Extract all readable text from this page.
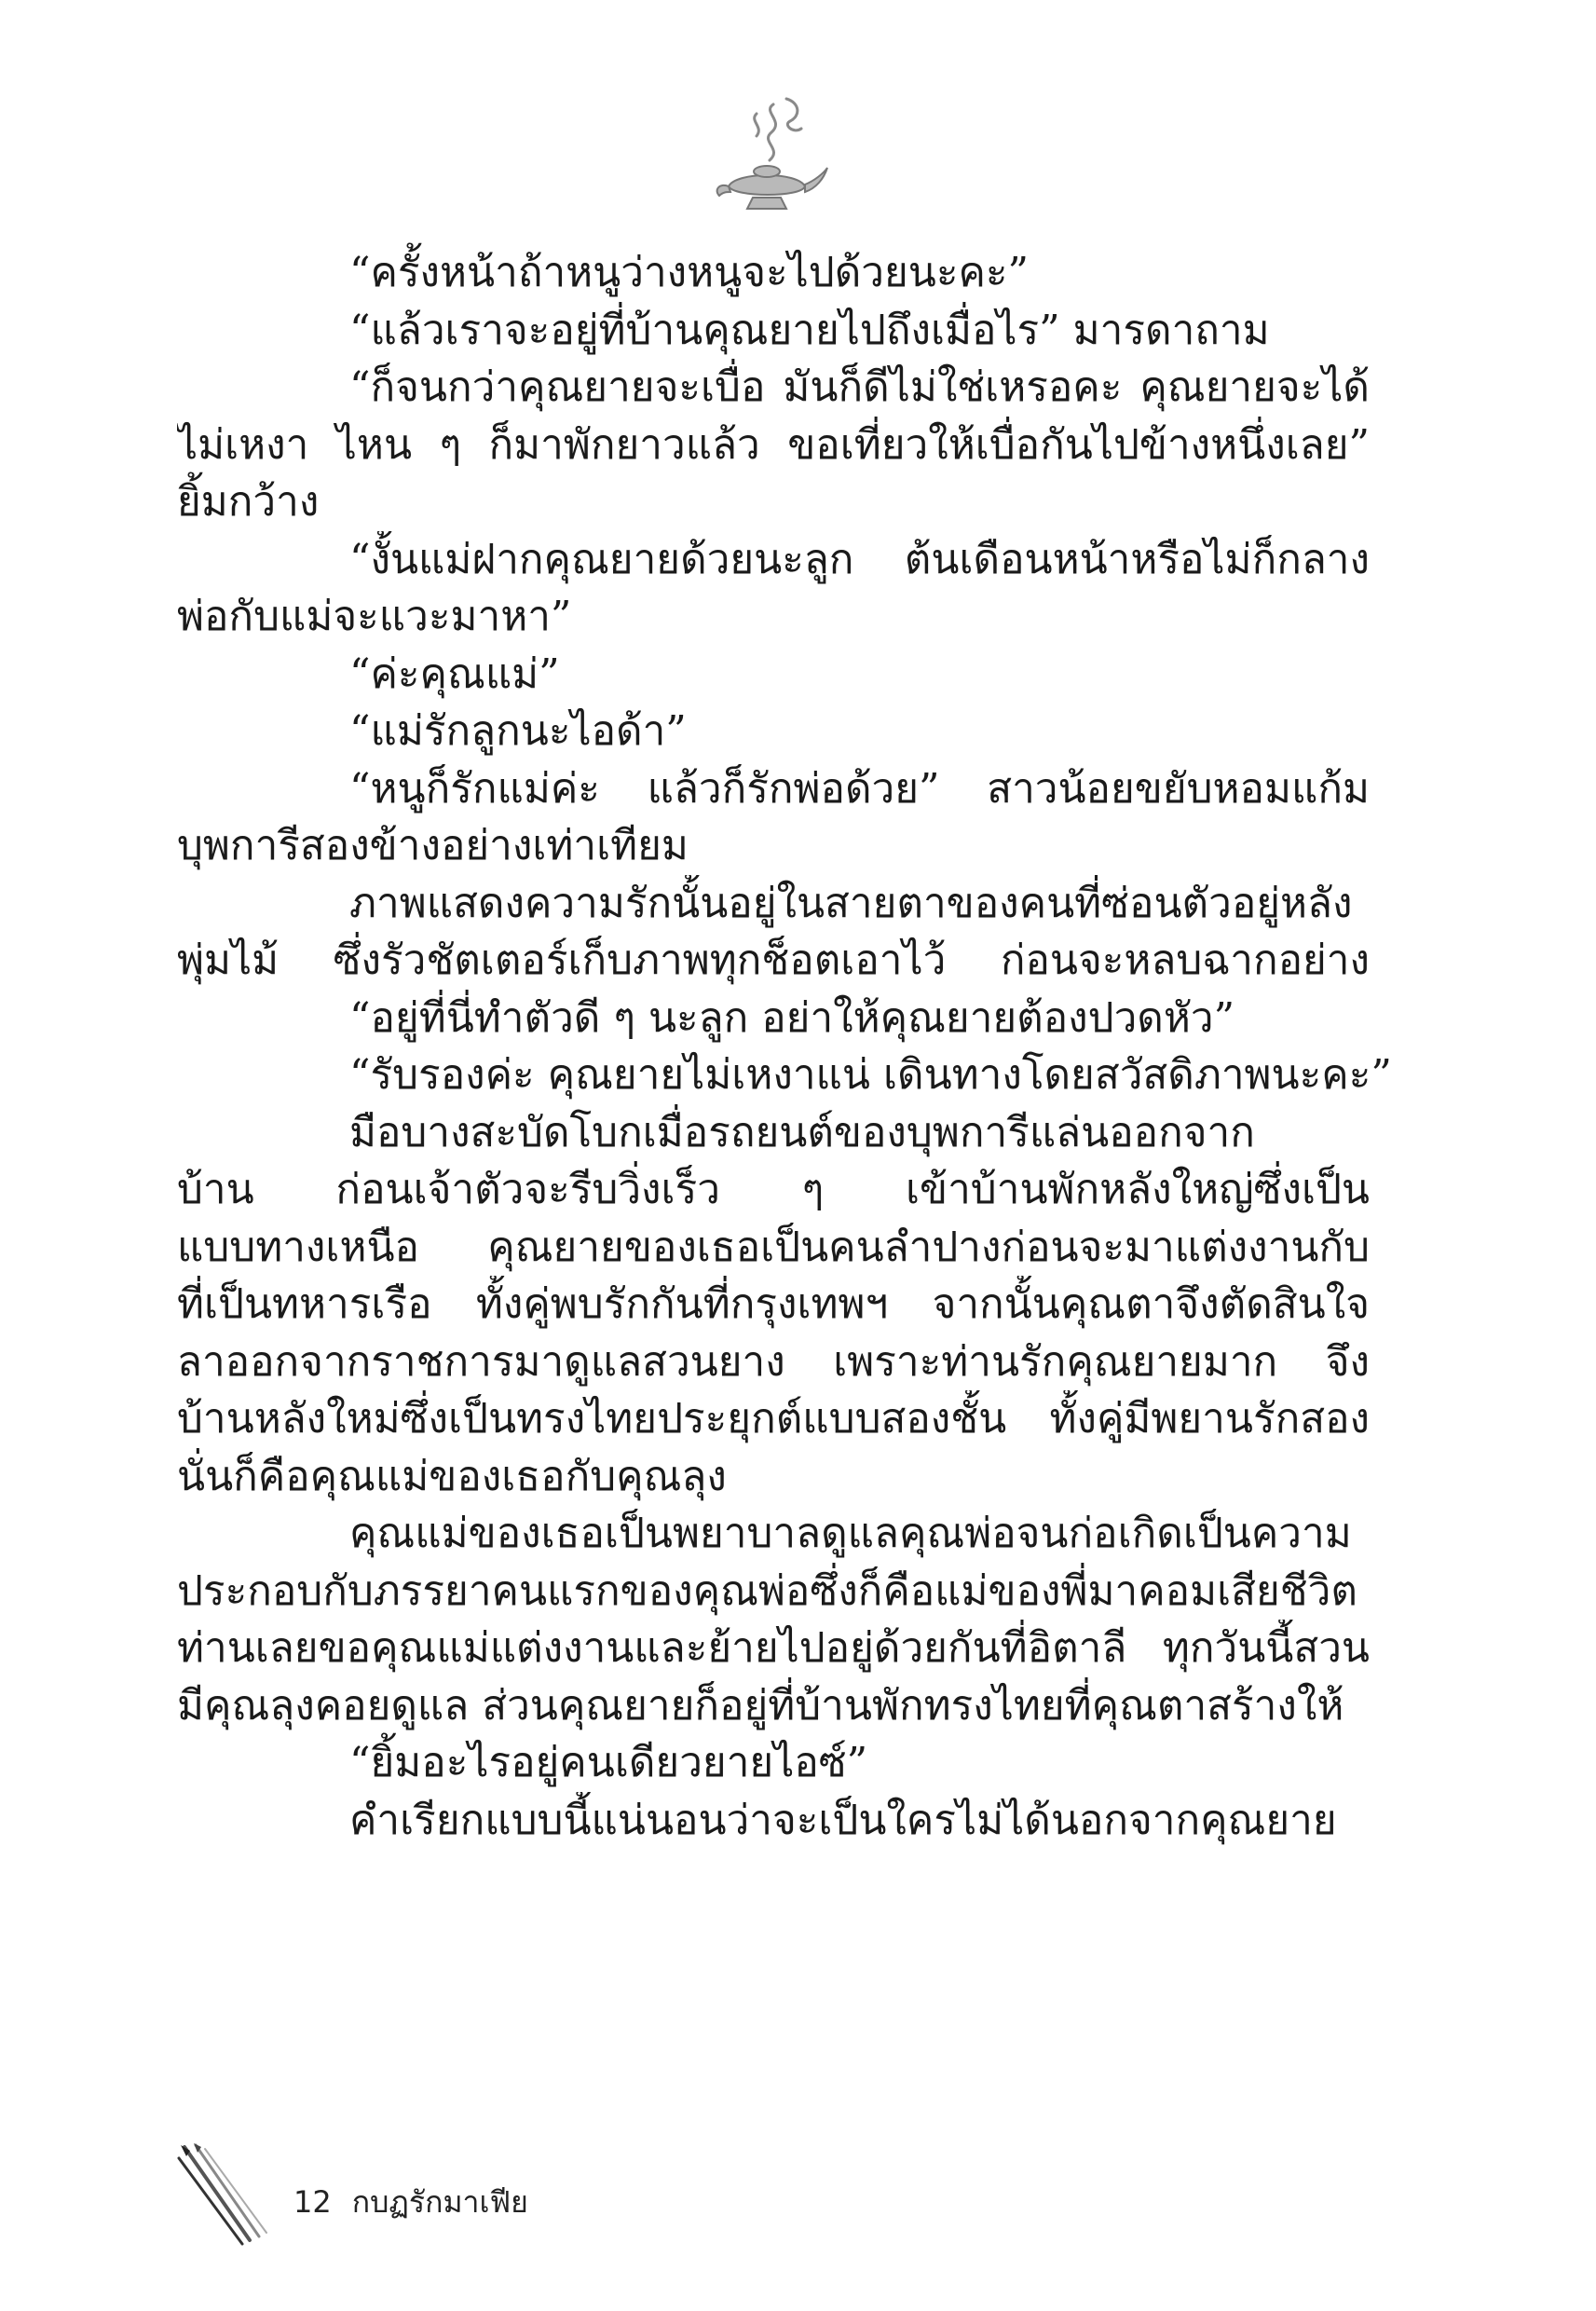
“ครั้งหน้าถ้าหนูว่างหนูจะไปด้วยนะคะ”
“แล้วเราจะอยู่ที่บ้านคุณยายไปถึงเมื่อไร” มารดาถาม
“ก็จนกว่าคุณยายจะเบื่อ มันก็ดีไม่ใช่เหรอคะ คุณยายจะได้
ไม่เหงา ไหน ๆ ก็มาพักยาวแล้ว ขอเที่ยวให้เบื่อกันไปข้างหนึ่งเลย”
ยิ้มกว้าง
“งั้นแม่ฝากคุณยายด้วยนะลูก ต้นเดือนหน้าหรือไม่ก็กลาง
พ่อกับแม่จะแวะมาหา”
“ค่ะคุณแม่”
“แม่รักลูกนะไอด้า”
“หนูก็รักแม่ค่ะ แล้วก็รักพ่อด้วย” สาวน้อยขยับหอมแก้ม
บุพการีสองข้างอย่างเท่าเทียม
ภาพแสดงความรักนั้นอยู่ในสายตาของคนที่ซ่อนตัวอยู่หลัง
พุ่มไม้ ซึ่งรัวชัตเตอร์เก็บภาพทุกช็อตเอาไว้ ก่อนจะหลบฉากอย่าง
“อยู่ที่นี่ทำตัวดี ๆ นะลูก อย่าให้คุณยายต้องปวดหัว”
“รับรองค่ะ คุณยายไม่เหงาแน่ เดินทางโดยสวัสดิภาพนะคะ”
มือบางสะบัดโบกเมื่อรถยนต์ของบุพการีแล่นออกจาก
บ้าน ก่อนเจ้าตัวจะรีบวิ่งเร็ว ๆ เข้าบ้านพักหลังใหญ่ซึ่งเป็น
แบบทางเหนือ คุณยายของเธอเป็นคนลำปางก่อนจะมาแต่งงานกับ
ที่เป็นทหารเรือ ทั้งคู่พบรักกันที่กรุงเทพฯ จากนั้นคุณตาจึงตัดสินใจ
ลาออกจากราชการมาดูแลสวนยาง เพราะท่านรักคุณยายมาก จึง
บ้านหลังใหม่ซึ่งเป็นทรงไทยประยุกต์แบบสองชั้น ทั้งคู่มีพยานรักสอง
นั่นก็คือคุณแม่ของเธอกับคุณลุง
คุณแม่ของเธอเป็นพยาบาลดูแลคุณพ่อจนก่อเกิดเป็นความ
ประกอบกับภรรยาคนแรกของคุณพ่อซึ่งก็คือแม่ของพี่มาคอมเสียชีวิต
ท่านเลยขอคุณแม่แต่งงานและย้ายไปอยู่ด้วยกันที่อิตาลี ทุกวันนี้สวน
มีคุณลุงคอยดูแล ส่วนคุณยายก็อยู่ที่บ้านพักทรงไทยที่คุณตาสร้างให้
“ยิ้มอะไรอยู่คนเดียวยายไอซ์”
คำเรียกแบบนี้แน่นอนว่าจะเป็นใครไม่ได้นอกจากคุณยาย
12 กบฏรักมาเฟีย
